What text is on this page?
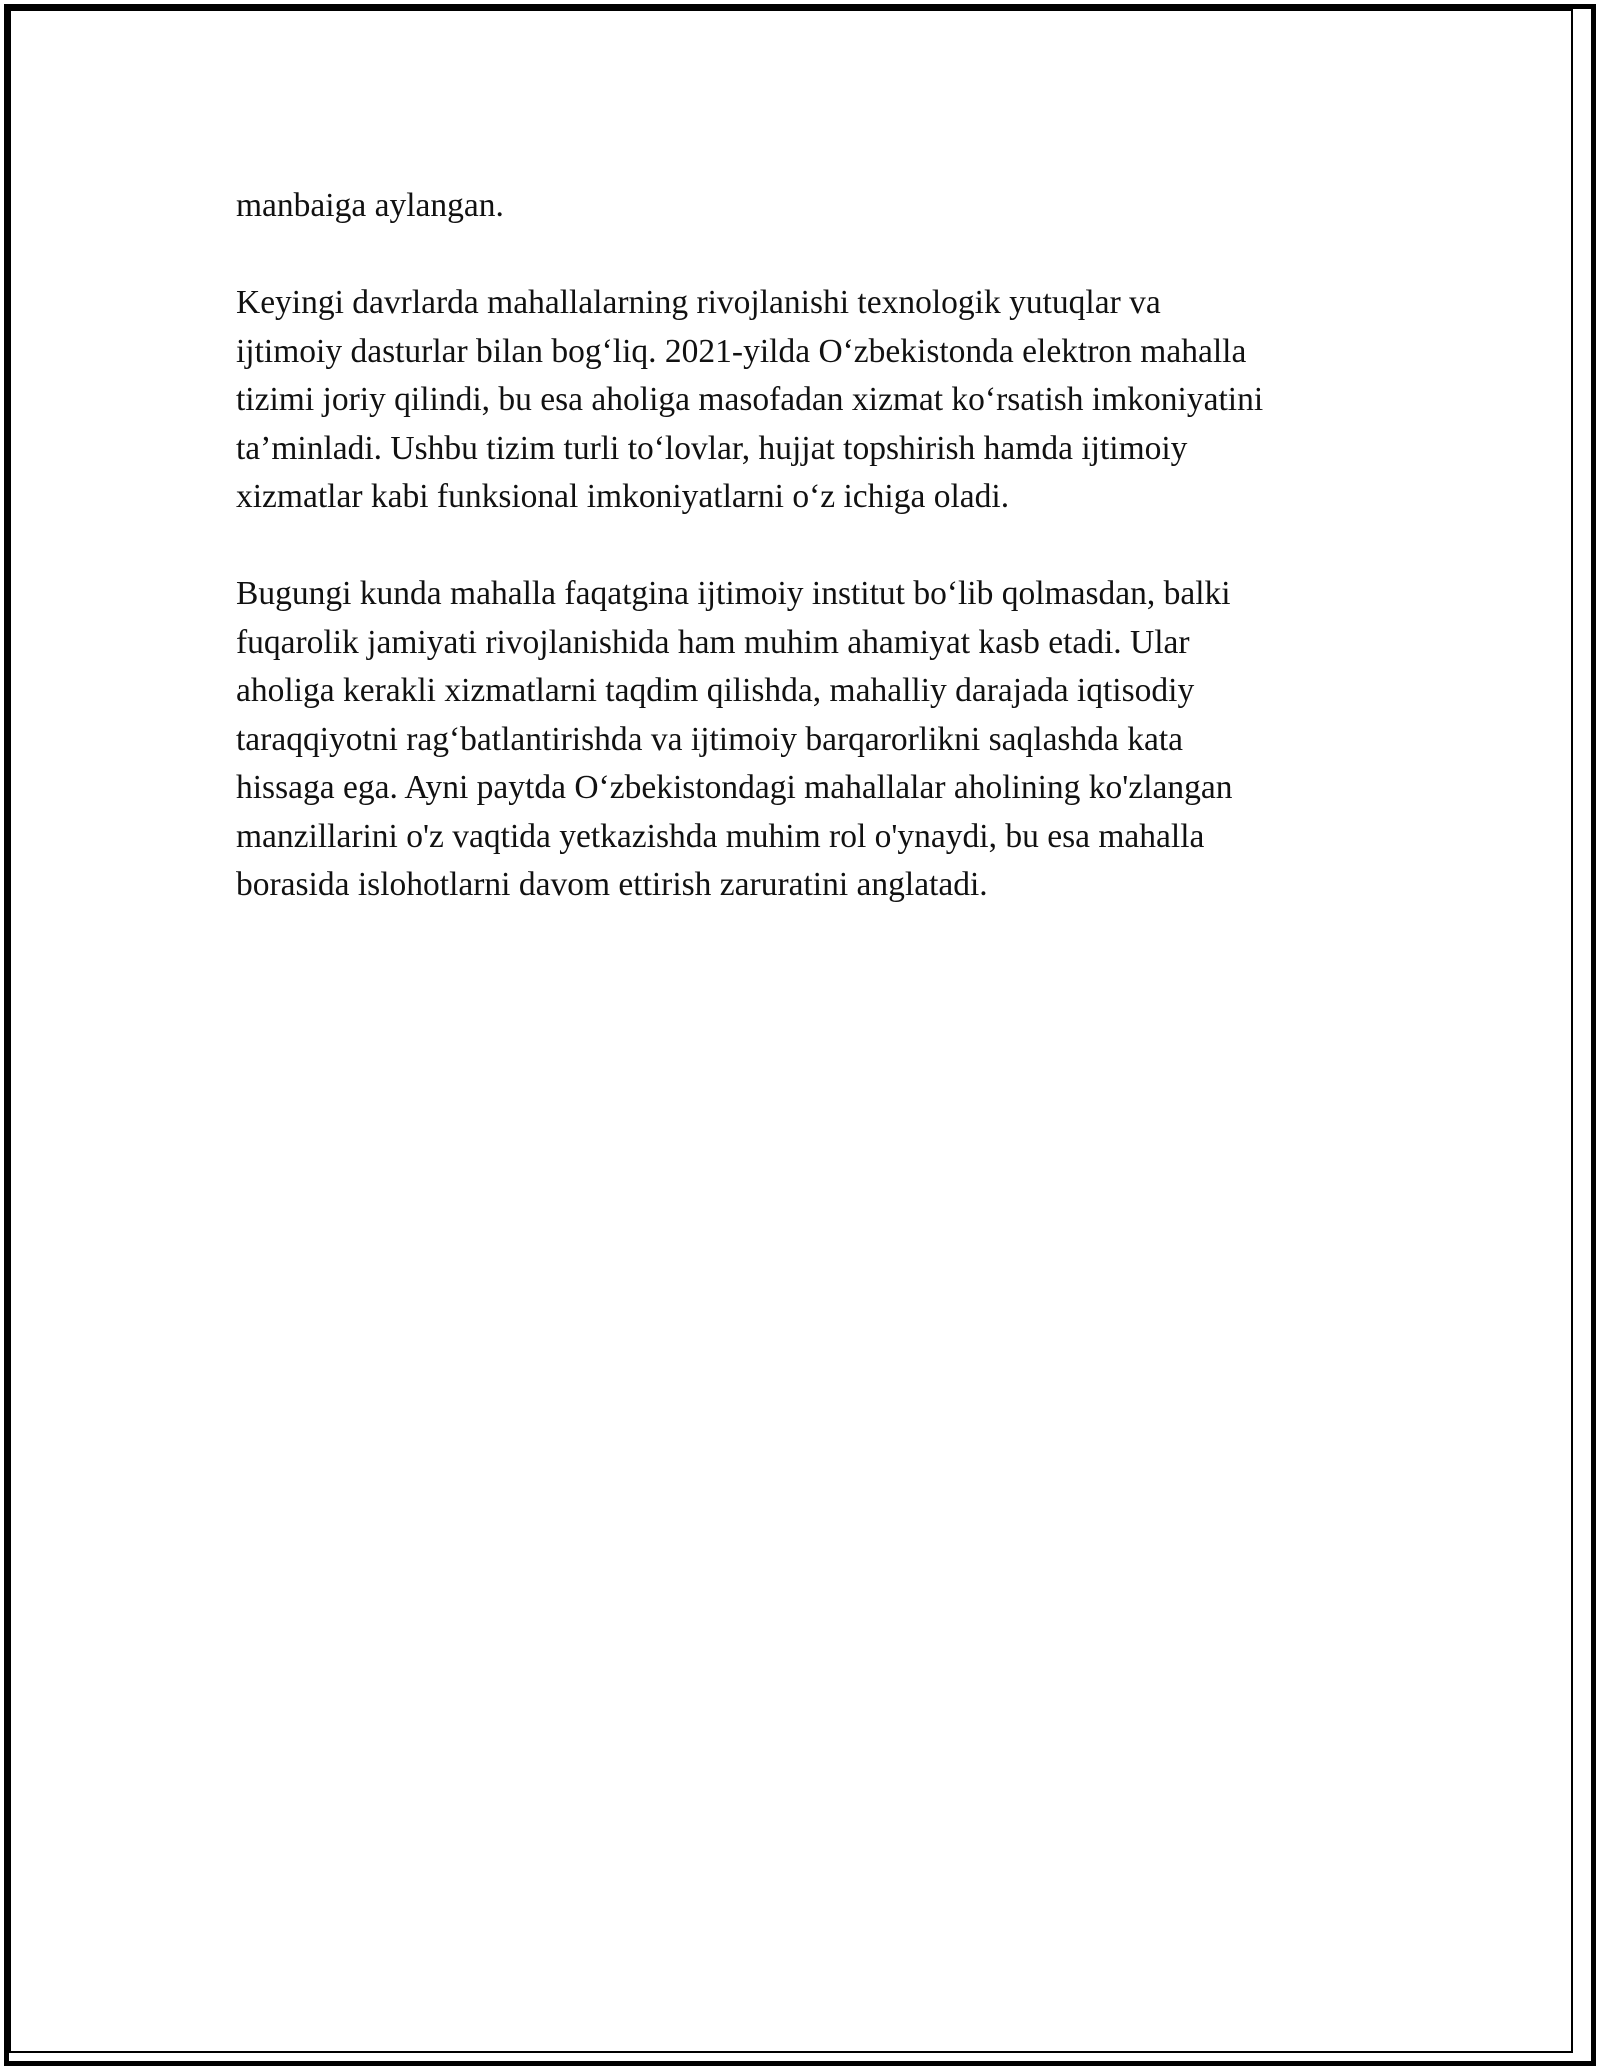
manbaiga aylangan.

Keyingi davrlarda mahallalarning rivojlanishi texnologik yutuqlar va
ijtimoiy dasturlar bilan bog‘liq. 2021-yilda O‘zbekistonda elektron mahalla
tizimi joriy qilindi, bu esa aholiga masofadan xizmat ko‘rsatish imkoniyatini
ta’minladi. Ushbu tizim turli to‘lovlar, hujjat topshirish hamda ijtimoiy
xizmatlar kabi funksional imkoniyatlarni o‘z ichiga oladi.

Bugungi kunda mahalla faqatgina ijtimoiy institut bo‘lib qolmasdan, balki
fuqarolik jamiyati rivojlanishida ham muhim ahamiyat kasb etadi. Ular
aholiga kerakli xizmatlarni taqdim qilishda, mahalliy darajada iqtisodiy
taraqqiyotni rag‘batlantirishda va ijtimoiy barqarorlikni saqlashda kata
hissaga ega. Ayni paytda O‘zbekistondagi mahallalar aholining ko'zlangan
manzillarini o'z vaqtida yetkazishda muhim rol o'ynaydi, bu esa mahalla
borasida islohotlarni davom ettirish zaruratini anglatadi.
